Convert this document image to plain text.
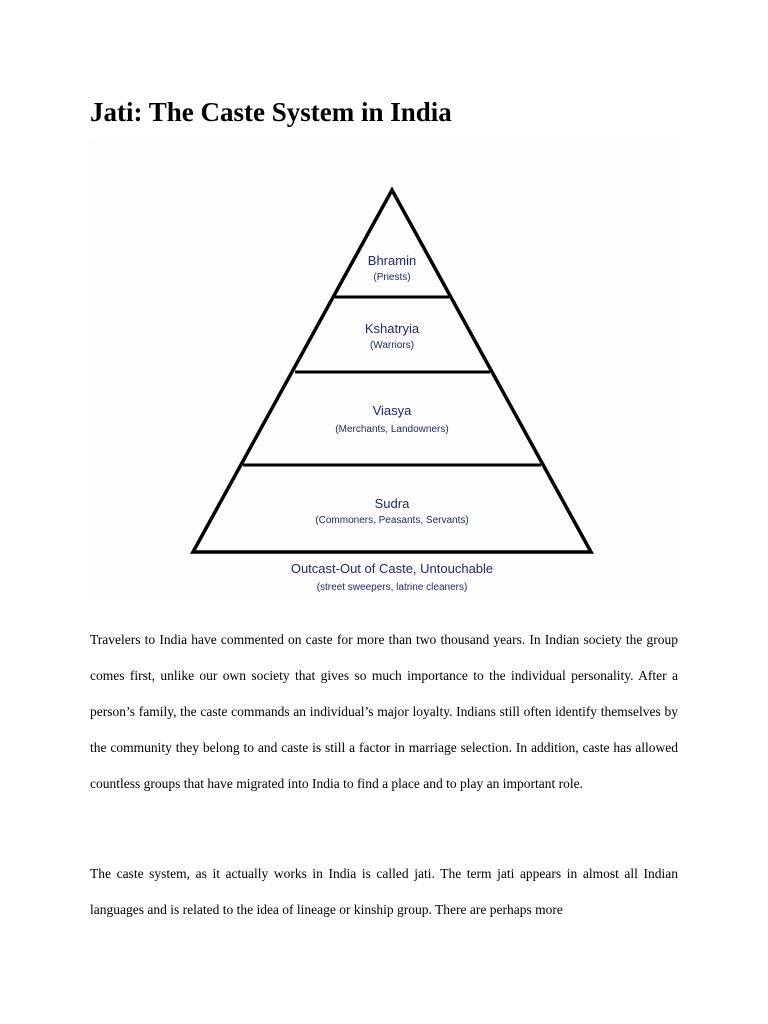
Jati: The Caste System in India
Bhramin
(Priests)
Kshatryia
(Warriors)
Viasya
(Merchants, Landowners)
Sudra
(Commoners, Peasants, Servants)
Outcast-Out of Caste, Untouchable
(street sweepers, latrine cleaners)

Travelers to India have commented on caste for more than two thousand years. In Indian society the group comes first, unlike our own society that gives so much importance to the individual personality. After a person’s family, the caste commands an individual’s major loyalty. Indians still often identify themselves by the community they belong to and caste is still a factor in marriage selection. In addition, caste has allowed countless groups that have migrated into India to find a place and to play an important role.

The caste system, as it actually works in India is called jati. The term jati appears in almost all Indian languages and is related to the idea of lineage or kinship group. There are perhaps more
